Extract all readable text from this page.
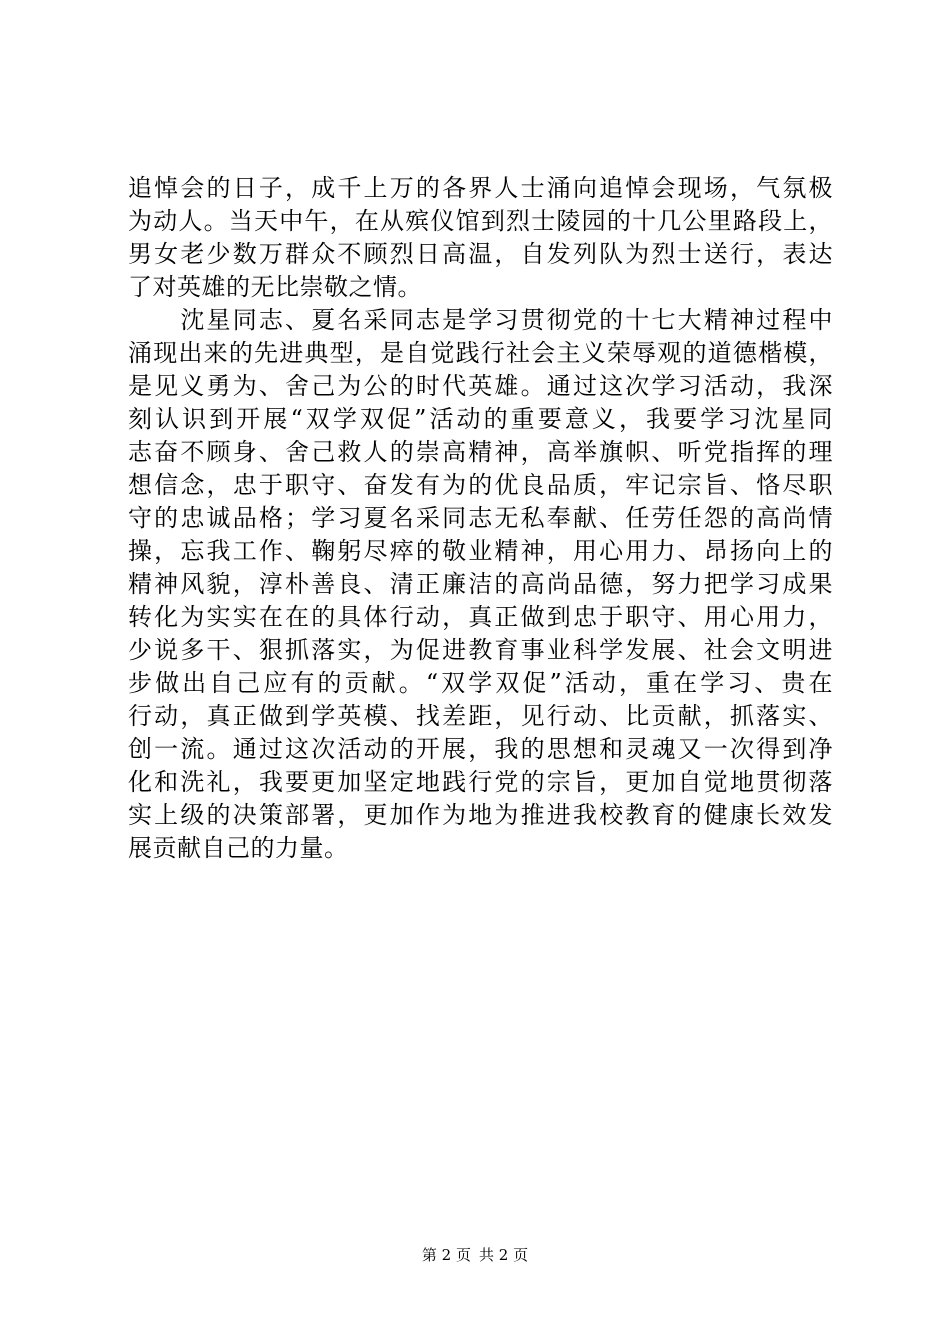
追悼会的日子，成千上万的各界人士涌向追悼会现场，气氛极
为动人。当天中午，在从殡仪馆到烈士陵园的十几公里路段上，
男女老少数万群众不顾烈日高温，自发列队为烈士送行，表达
了对英雄的无比崇敬之情。
　　沈星同志、夏名采同志是学习贯彻党的十七大精神过程中
涌现出来的先进典型，是自觉践行社会主义荣辱观的道德楷模，
是见义勇为、舍己为公的时代英雄。通过这次学习活动，我深
刻认识到开展“双学双促”活动的重要意义，我要学习沈星同
志奋不顾身、舍己救人的崇高精神，高举旗帜、听党指挥的理
想信念，忠于职守、奋发有为的优良品质，牢记宗旨、恪尽职
守的忠诚品格；学习夏名采同志无私奉献、任劳任怨的高尚情
操，忘我工作、鞠躬尽瘁的敬业精神，用心用力、昂扬向上的
精神风貌，淳朴善良、清正廉洁的高尚品德，努力把学习成果
转化为实实在在的具体行动，真正做到忠于职守、用心用力，
少说多干、狠抓落实，为促进教育事业科学发展、社会文明进
步做出自己应有的贡献。“双学双促”活动，重在学习、贵在
行动，真正做到学英模、找差距，见行动、比贡献，抓落实、
创一流。通过这次活动的开展，我的思想和灵魂又一次得到净
化和洗礼，我要更加坚定地践行党的宗旨，更加自觉地贯彻落
实上级的决策部署，更加作为地为推进我校教育的健康长效发
展贡献自己的力量。
第 2 页 共 2 页
